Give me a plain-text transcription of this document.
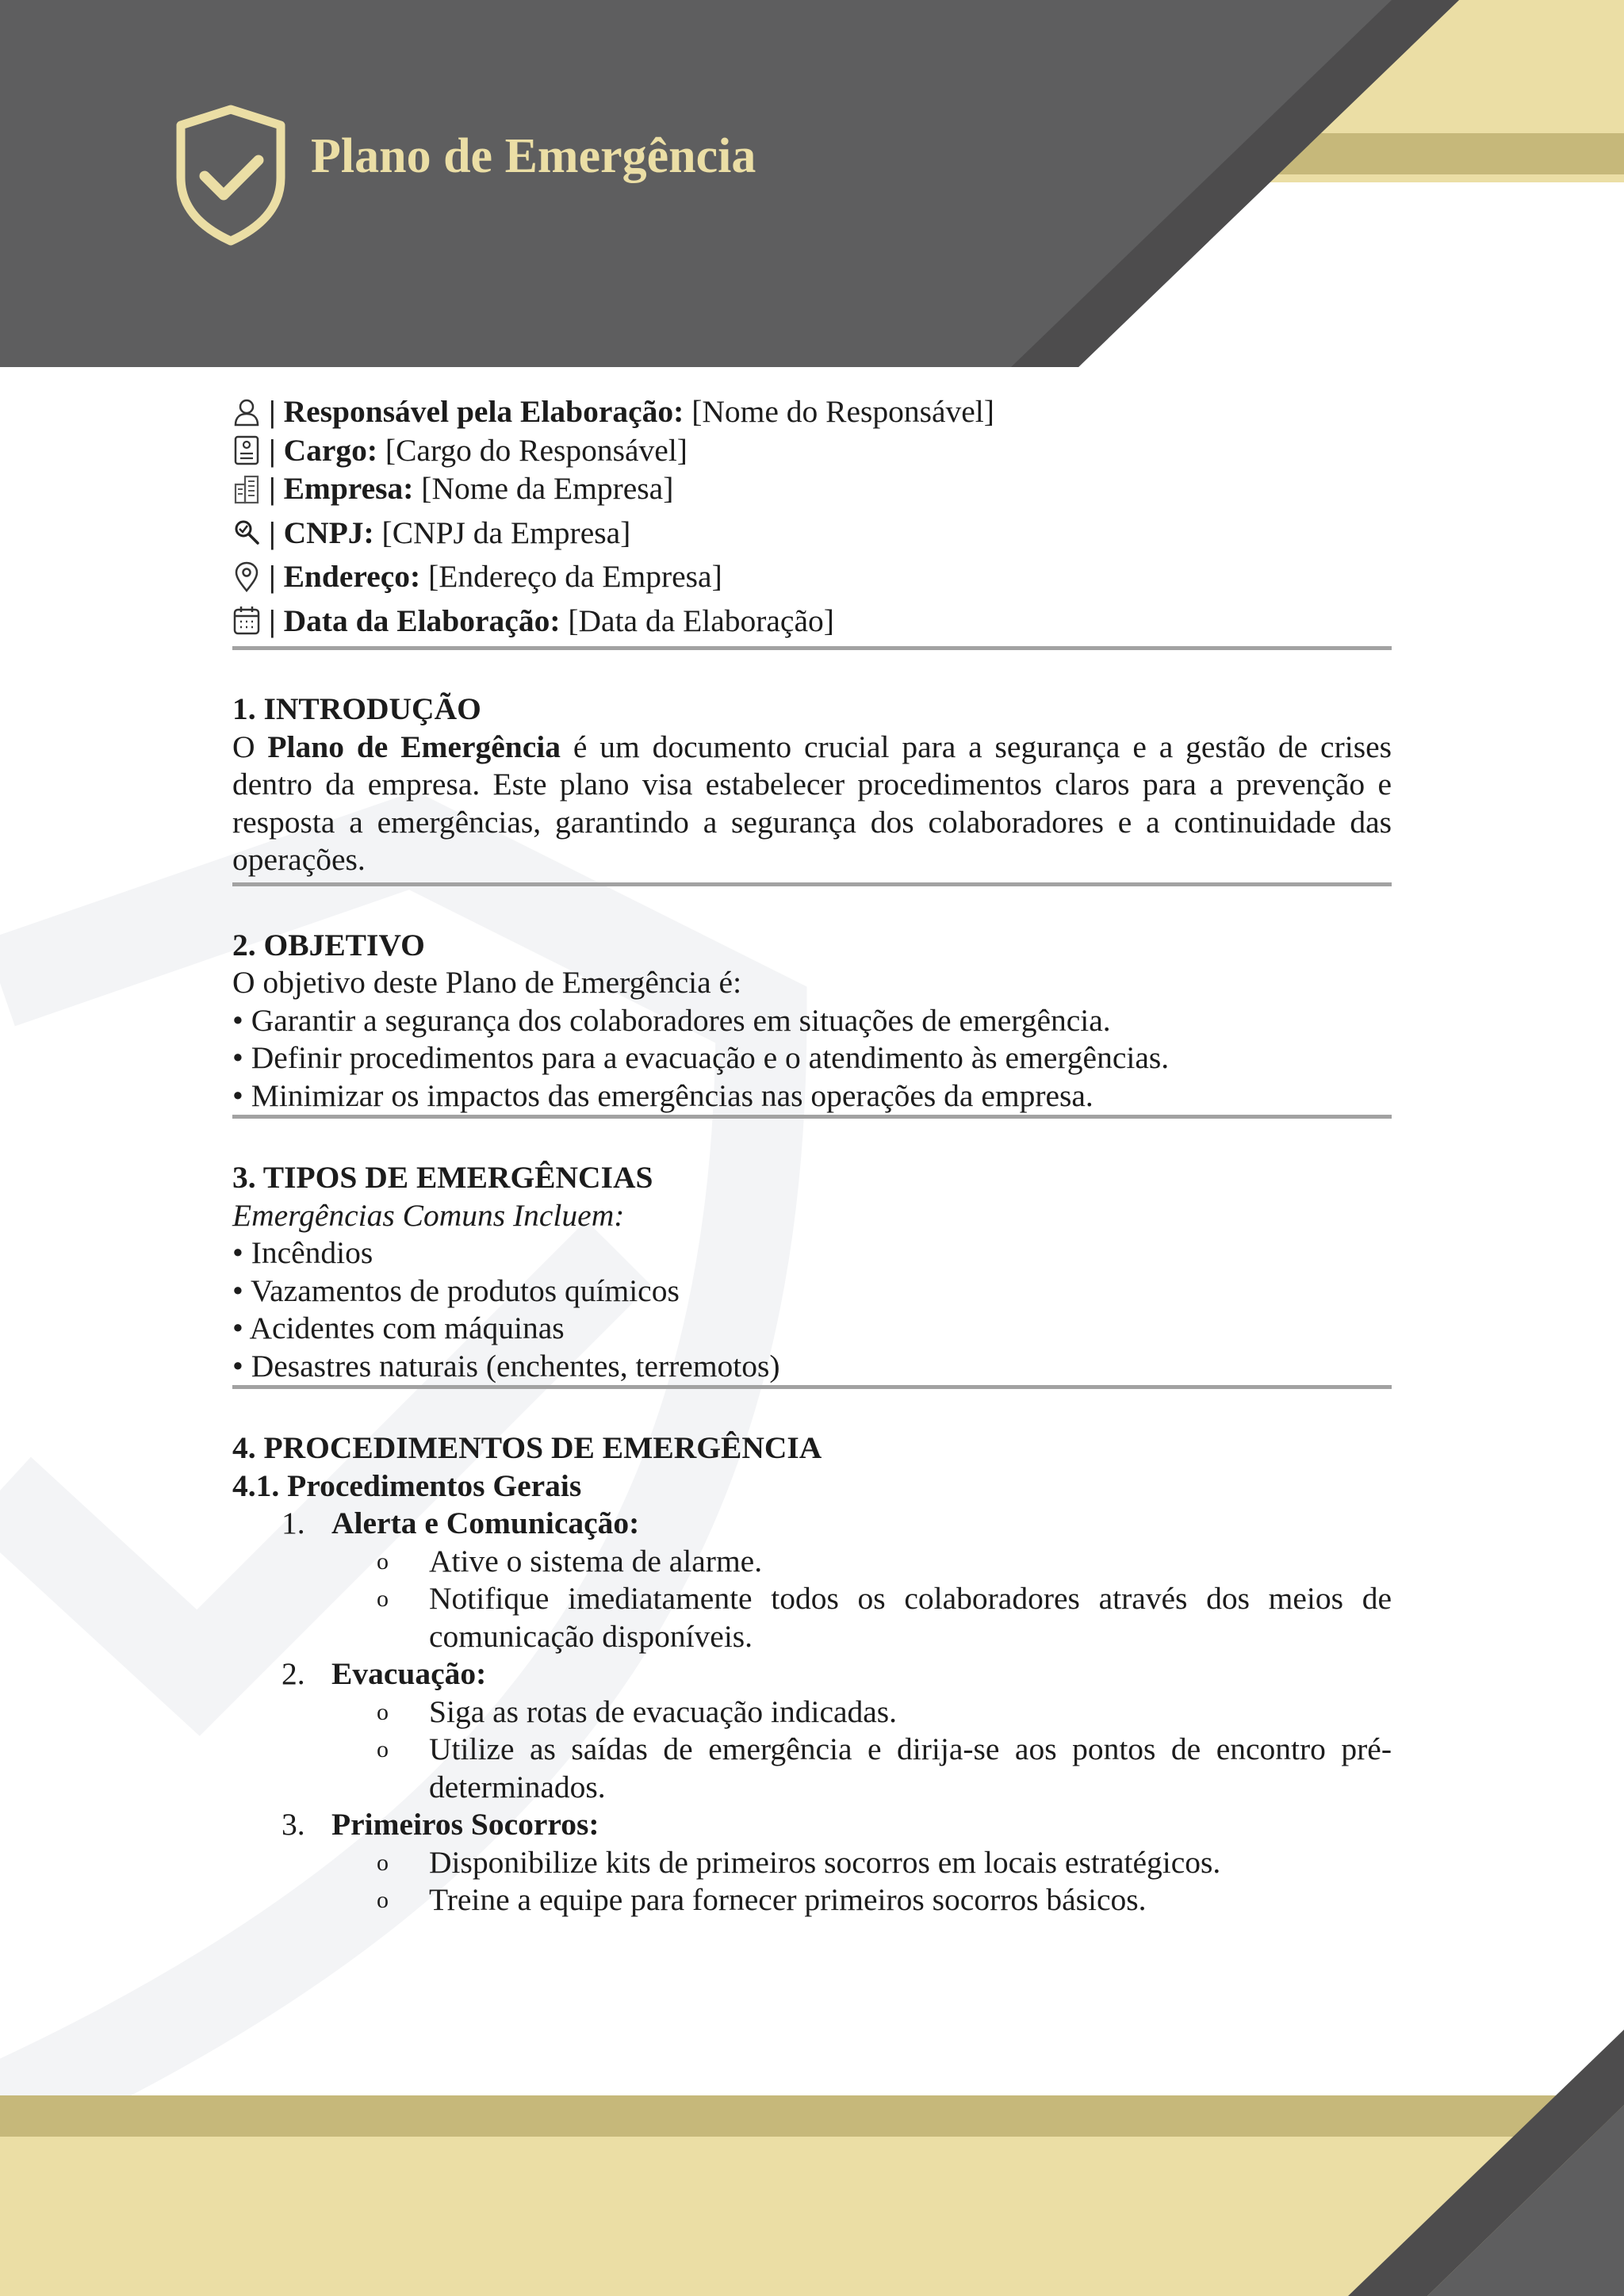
Plano de Emergência
| Responsável pela Elaboração: [Nome do Responsável]
| Cargo: [Cargo do Responsável]
| Empresa: [Nome da Empresa]
| CNPJ: [CNPJ da Empresa]
| Endereço: [Endereço da Empresa]
| Data da Elaboração: [Data da Elaboração]
1. INTRODUÇÃO

O Plano de Emergência é um documento crucial para a segurança e a gestão de crises dentro da empresa. Este plano visa estabelecer procedimentos claros para a prevenção e resposta a emergências, garantindo a segurança dos colaboradores e a continuidade das operações.

2. OBJETIVO

O objetivo deste Plano de Emergência é:

• Garantir a segurança dos colaboradores em situações de emergência.
• Definir procedimentos para a evacuação e o atendimento às emergências.
• Minimizar os impactos das emergências nas operações da empresa.
3. TIPOS DE EMERGÊNCIAS

Emergências Comuns Incluem:

• Incêndios
• Vazamentos de produtos químicos
• Acidentes com máquinas
• Desastres naturais (enchentes, terremotos)
4. PROCEDIMENTOS DE EMERGÊNCIA
4.1. Procedimentos Gerais
1. Alerta e Comunicação:
o Ative o sistema de alarme.
o Notifique imediatamente todos os colaboradores através dos meios de comunicação disponíveis.
2. Evacuação:
o Siga as rotas de evacuação indicadas.
o Utilize as saídas de emergência e dirija-se aos pontos de encontro pré-determinados.
3. Primeiros Socorros:
o Disponibilize kits de primeiros socorros em locais estratégicos.
o Treine a equipe para fornecer primeiros socorros básicos.
